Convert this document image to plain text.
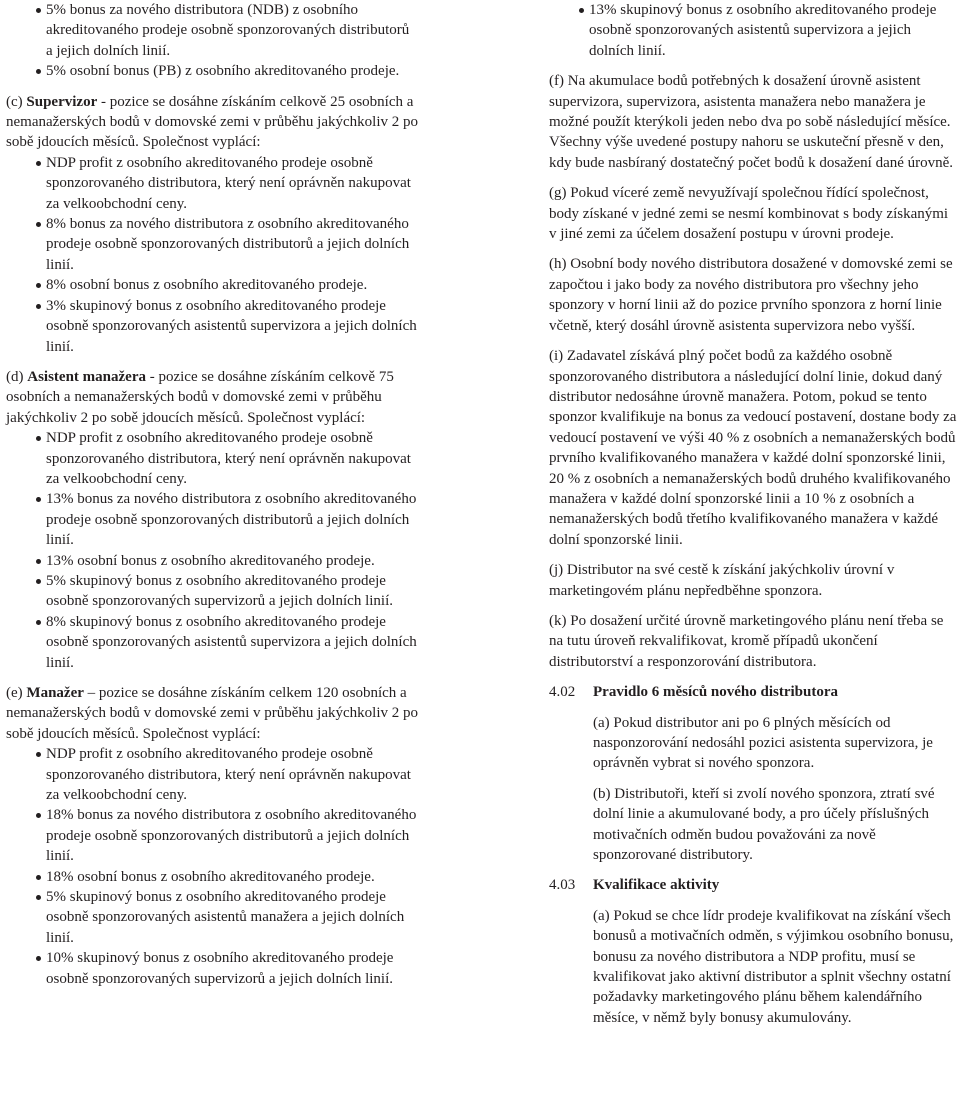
5% bonus za nového distributora (NDB) z osobního akreditovaného prodeje osobně sponzorovaných distributorů a jejich dolních linií.

5% osobní bonus (PB) z osobního akreditovaného prodeje.

(c) Supervizor - pozice se dosáhne získáním celkově 25 osobních a nemanažerských bodů v domovské zemi v průběhu jakýchkoliv 2 po sobě jdoucích měsíců. Společnost vyplácí:

NDP profit z osobního akreditovaného prodeje osobně sponzorovaného distributora, který není oprávněn nakupovat za velkoobchodní ceny.

8% bonus za nového distributora z osobního akreditovaného prodeje osobně sponzorovaných distributorů a jejich dolních linií.

8% osobní bonus z osobního akreditovaného prodeje.

3% skupinový bonus z osobního akreditovaného prodeje osobně sponzorovaných asistentů supervizora a jejich dolních linií.

(d) Asistent manažera - pozice se dosáhne získáním celkově 75 osobních a nemanažerských bodů v domovské zemi v průběhu jakýchkoliv 2 po sobě jdoucích měsíců. Společnost vyplácí:

NDP profit z osobního akreditovaného prodeje osobně sponzorovaného distributora, který není oprávněn nakupovat za velkoobchodní ceny.

13% bonus za nového distributora z osobního akreditovaného prodeje osobně sponzorovaných distributorů a jejich dolních linií.

13% osobní bonus z osobního akreditovaného prodeje.

5% skupinový bonus z osobního akreditovaného prodeje osobně sponzorovaných supervizorů a jejich dolních linií.

8% skupinový bonus z osobního akreditovaného prodeje osobně sponzorovaných asistentů supervizora a jejich dolních linií.

(e) Manažer – pozice se dosáhne získáním celkem 120 osobních a nemanažerských bodů v domovské zemi v průběhu jakýchkoliv 2 po sobě jdoucích měsíců. Společnost vyplácí:

NDP profit z osobního akreditovaného prodeje osobně sponzorovaného distributora, který není oprávněn nakupovat za velkoobchodní ceny.

18% bonus za nového distributora z osobního akreditovaného prodeje osobně sponzorovaných distributorů a jejich dolních linií.

18% osobní bonus z osobního akreditovaného prodeje.

5% skupinový bonus z osobního akreditovaného prodeje osobně sponzorovaných asistentů manažera a jejich dolních linií.

10% skupinový bonus z osobního akreditovaného prodeje osobně sponzorovaných supervizorů a jejich dolních linií.

13% skupinový bonus z osobního akreditovaného prodeje osobně sponzorovaných asistentů supervizora a jejich dolních linií.

(f) Na akumulace bodů potřebných k dosažení úrovně asistent supervizora, supervizora, asistenta manažera nebo manažera je možné použít kterýkoli jeden nebo dva po sobě následující měsíce. Všechny výše uvedené postupy nahoru se uskuteční přesně v den, kdy bude nasbíraný dostatečný počet bodů k dosažení dané úrovně.

(g) Pokud víceré země nevyužívají společnou řídící společnost, body získané v jedné zemi se nesmí kombinovat s body získanými v jiné zemi za účelem dosažení postupu v úrovni prodeje.

(h) Osobní body nového distributora dosažené v domovské zemi se započtou i jako body za nového distributora pro všechny jeho sponzory v horní linii až do pozice prvního sponzora z horní linie včetně, který dosáhl úrovně asistenta supervizora nebo vyšší.

(i) Zadavatel získává plný počet bodů za každého osobně sponzorovaného distributora a následující dolní linie, dokud daný distributor nedosáhne úrovně manažera. Potom, pokud se tento sponzor kvalifikuje na bonus za vedoucí postavení, dostane body za vedoucí postavení ve výši 40 % z osobních a nemanažerských bodů prvního kvalifikovaného manažera v každé dolní sponzorské linii, 20 % z osobních a nemanažerských bodů druhého kvalifikovaného manažera v každé dolní sponzorské linii a 10 % z osobních a nemanažerských bodů třetího kvalifikovaného manažera v každé dolní sponzorské linii.

(j) Distributor na své cestě k získání jakýchkoliv úrovní v marketingovém plánu nepředběhne sponzora.

(k) Po dosažení určité úrovně marketingového plánu není třeba se na tutu úroveň rekvalifikovat, kromě případů ukončení distributorství a responzorování distributora.

4.02 Pravidlo 6 měsíců nového distributora

(a) Pokud distributor ani po 6 plných měsících od nasponzorování nedosáhl pozici asistenta supervizora, je oprávněn vybrat si nového sponzora.

(b) Distributoři, kteří si zvolí nového sponzora, ztratí své dolní linie a akumulované body, a pro účely příslušných motivačních odměn budou považováni za nově sponzorované distributory.

4.03 Kvalifikace aktivity

(a) Pokud se chce lídr prodeje kvalifikovat na získání všech bonusů a motivačních odměn, s výjimkou osobního bonusu, bonusu za nového distributora a NDP profitu, musí se kvalifikovat jako aktivní distributor a splnit všechny ostatní požadavky marketingového plánu během kalendářního měsíce, v němž byly bonusy akumulovány.
